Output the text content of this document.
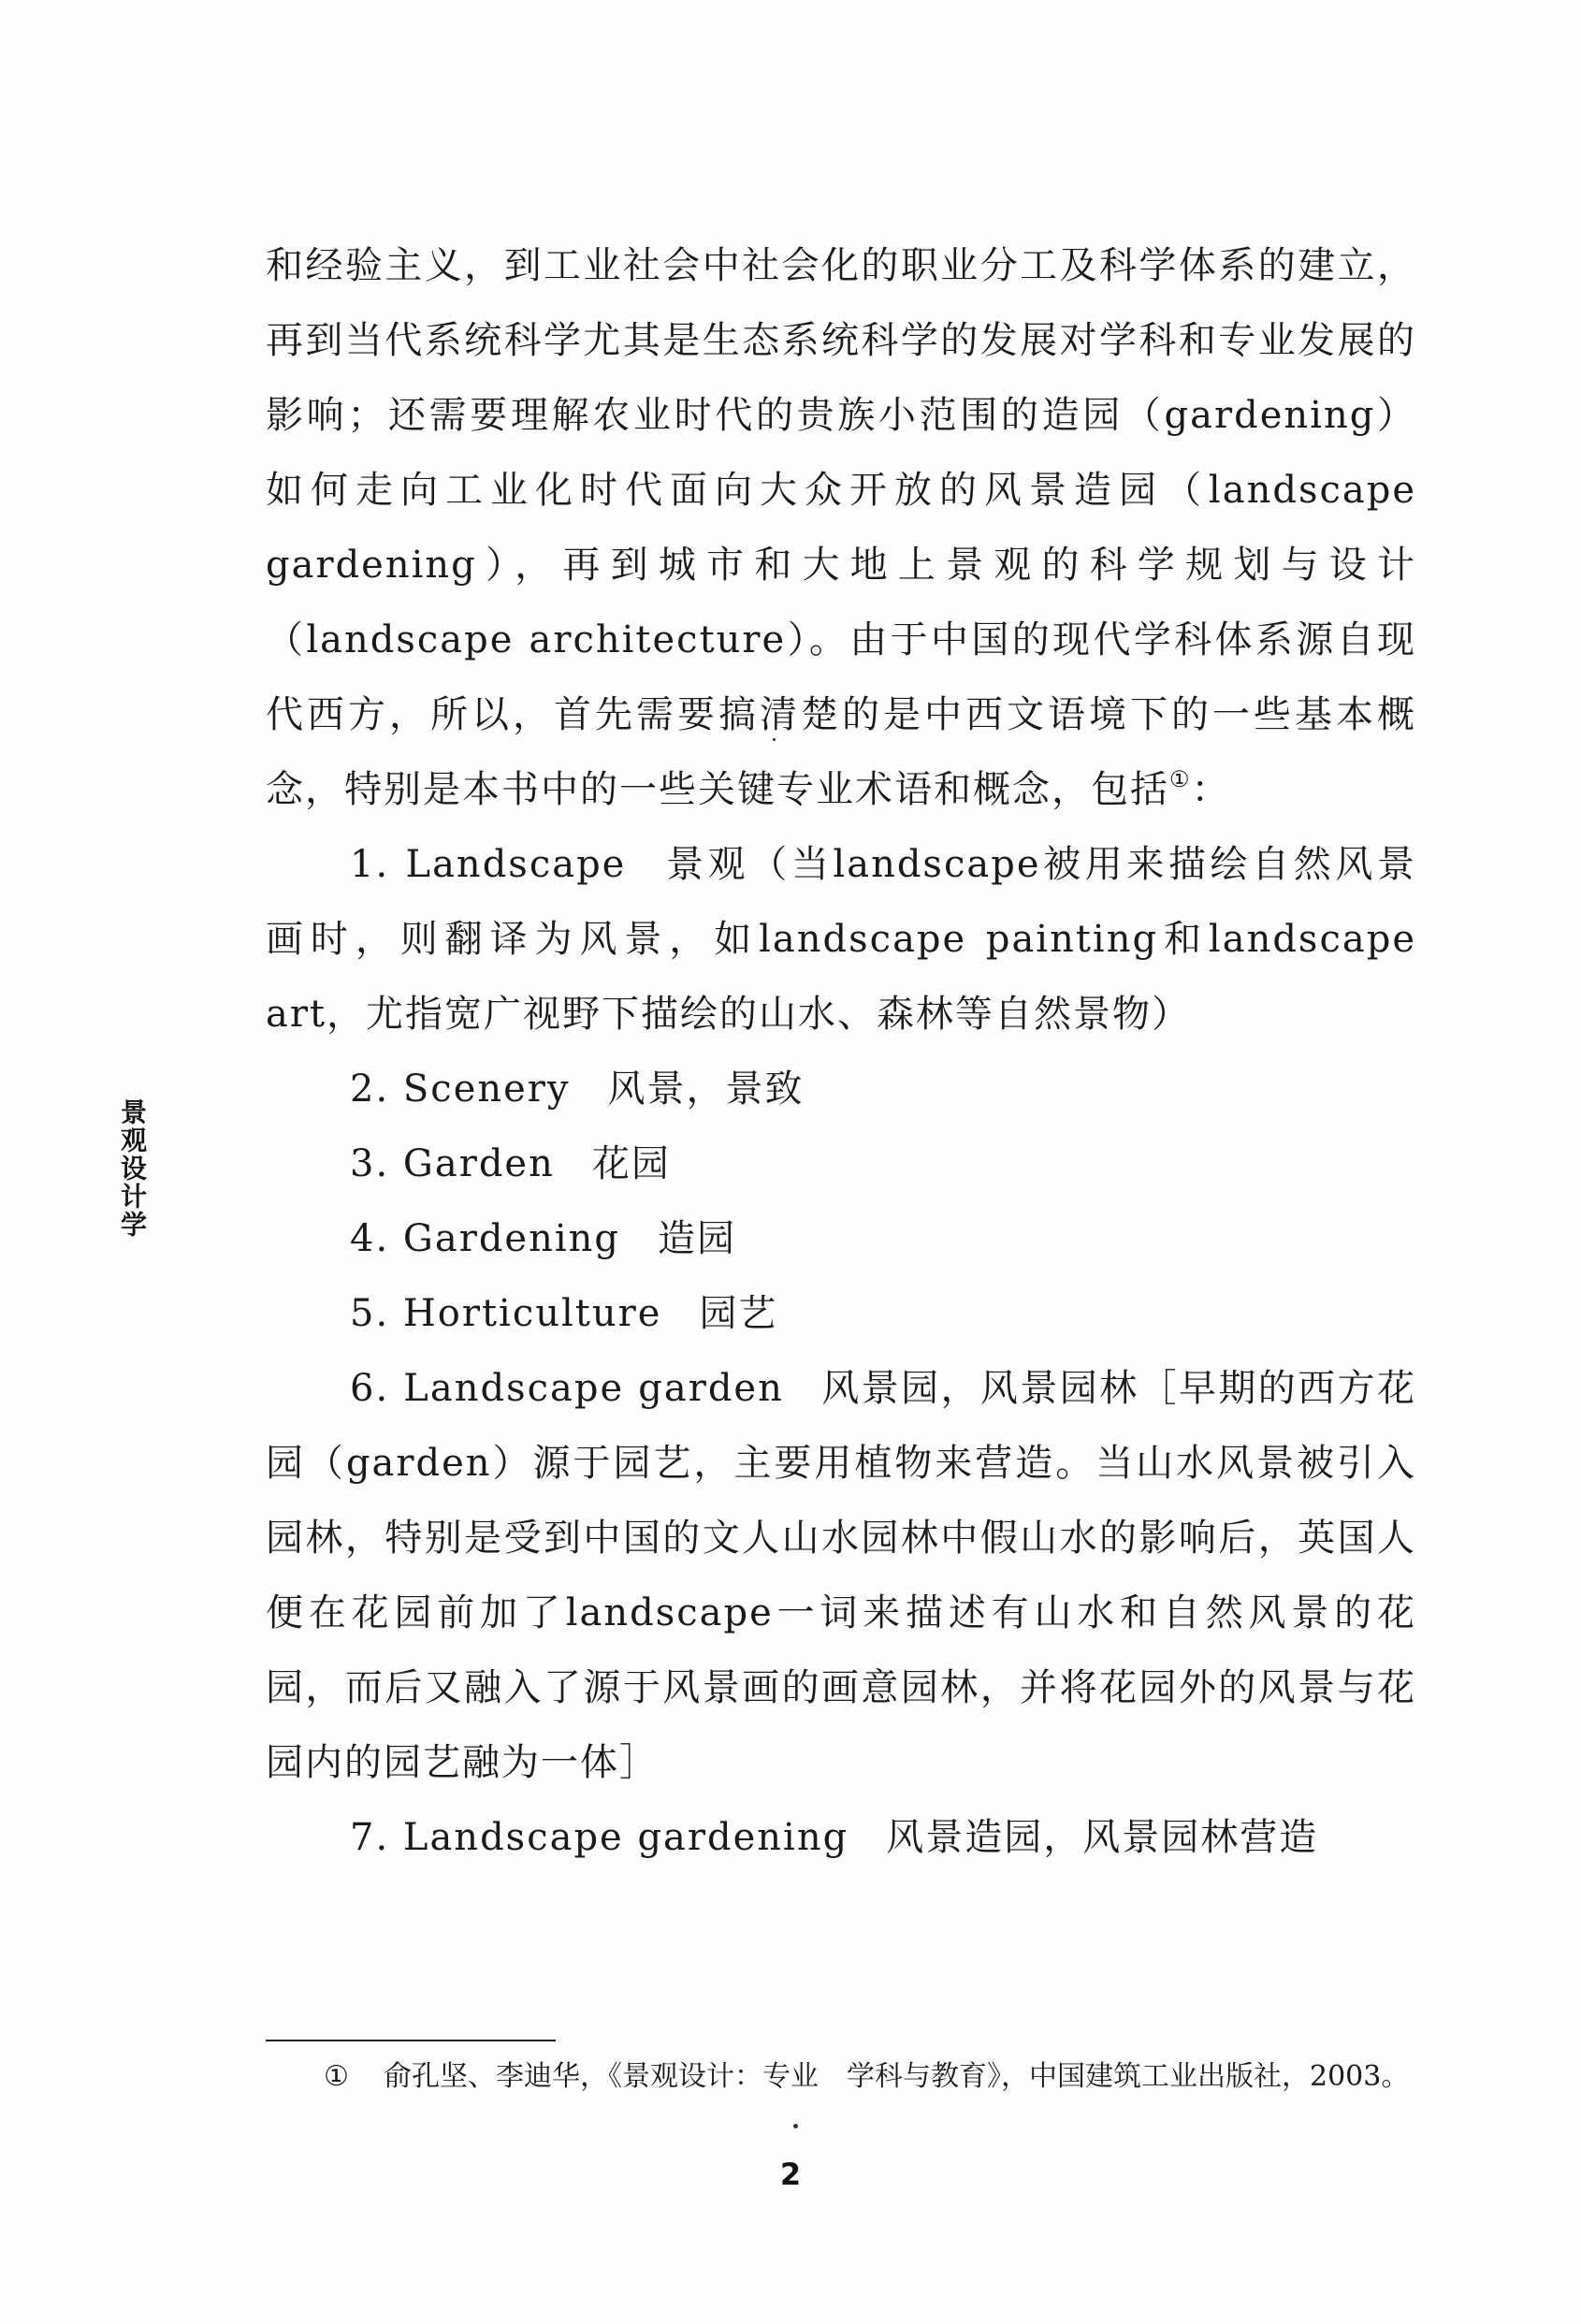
景观设计学

和经验主义，到工业社会中社会化的职业分工及科学体系的建立，再到当代系统科学尤其是生态系统科学的发展对学科和专业发展的影响；还需要理解农业时代的贵族小范围的造园（gardening）如何走向工业化时代面向大众开放的风景造园（landscape gardening），再到城市和大地上景观的科学规划与设计（landscape architecture）。由于中国的现代学科体系源自现代西方，所以，首先需要搞清楚的是中西文语境下的一些基本概念，特别是本书中的一些关键专业术语和概念，包括①：

1. Landscape 景观（当landscape被用来描绘自然风景画时，则翻译为风景，如landscape painting和landscape art，尤指宽广视野下描绘的山水、森林等自然景物）

2. Scenery 风景，景致

3. Garden 花园

4. Gardening 造园

5. Horticulture 园艺

6. Landscape garden 风景园，风景园林［早期的西方花园（garden）源于园艺，主要用植物来营造。当山水风景被引入园林，特别是受到中国的文人山水园林中假山水的影响后，英国人便在花园前加了landscape一词来描述有山水和自然风景的花园，而后又融入了源于风景画的画意园林，并将花园外的风景与花园内的园艺融为一体］

7. Landscape gardening 风景造园，风景园林营造

① 俞孔坚、李迪华，《景观设计：专业　学科与教育》，中国建筑工业出版社，2003。
2
